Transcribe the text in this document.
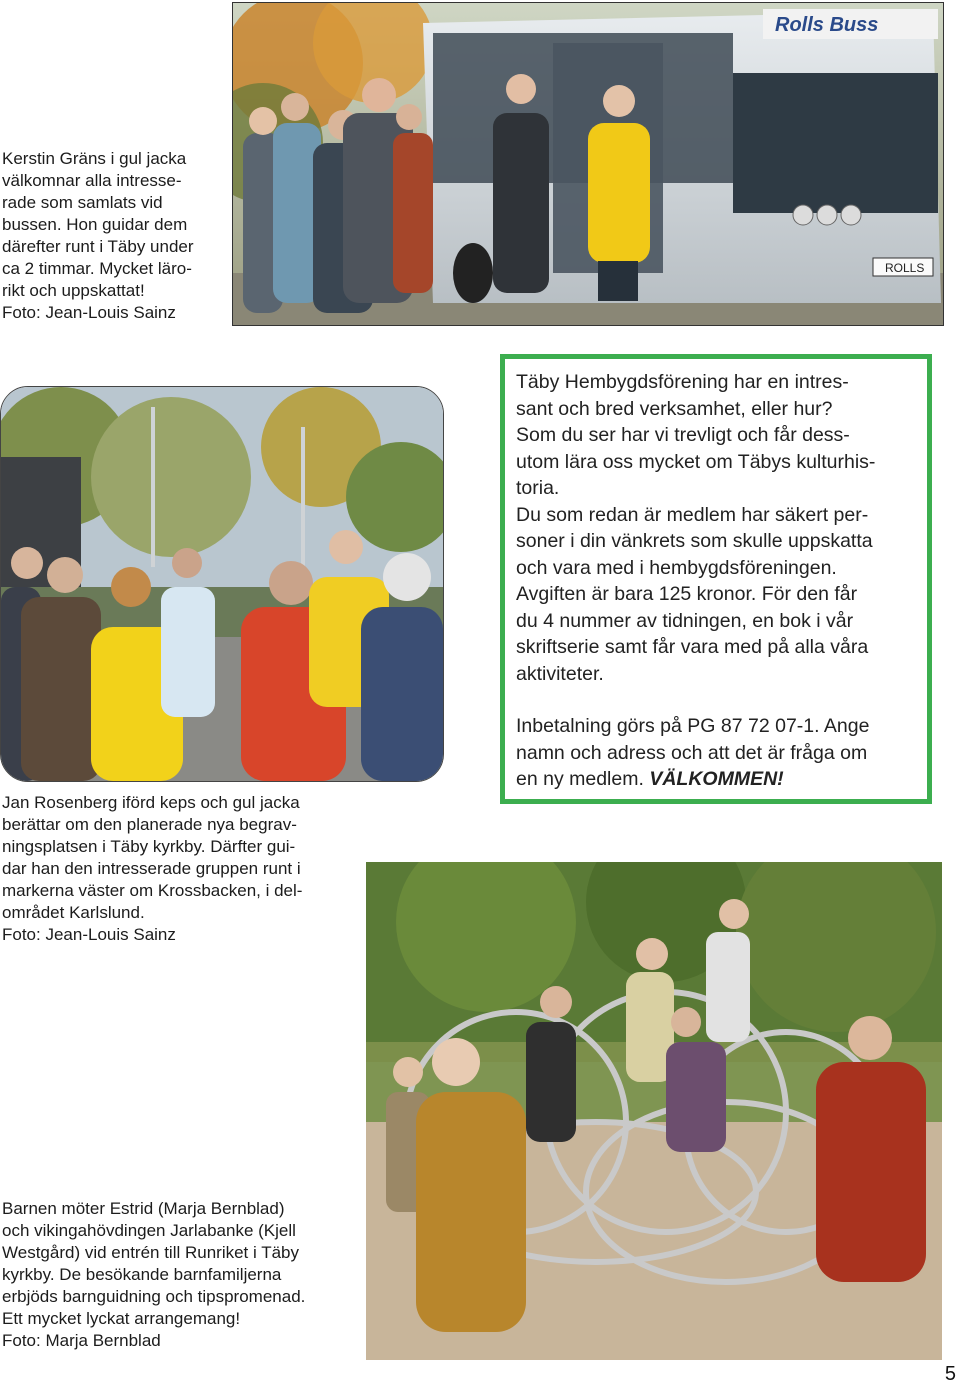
Rolls Buss
ROLLS
Kerstin Gräns i gul jacka
välkomnar alla intresse-
rade som samlats vid
bussen. Hon guidar dem
därefter runt i Täby under
ca 2 timmar. Mycket lärо-
rikt och uppskattat!
Foto: Jean-Louis Sainz
Täby Hembygdsförening har en intres-
sant och bred verksamhet, eller hur?
Som du ser har vi trevligt och får dess-
utom lära oss mycket om Täbys kulturhis-
toria.
Du som redan är medlem har säkert per-
soner i din vänkrets som skulle uppskatta
och vara med i hembygdsföreningen.
Avgiften är bara 125 kronor. För den får
du 4 nummer av tidningen, en bok i vår
skriftserie samt får vara med på alla våra
aktiviteter.
Inbetalning görs på PG 87 72 07-1. Ange
namn och adress och att det är fråga om
en ny medlem. VÄLKOMMEN!
Jan Rosenberg iförd keps och gul jacka
berättar om den planerade nya begrav-
ningsplatsen i Täby kyrkby. Därfter gui-
dar han den intresserade gruppen runt i
markerna väster om Krossbacken, i del-
området Karlslund.
Foto: Jean-Louis Sainz
Barnen möter Estrid (Marja Bernblad)
och vikingahövdingen Jarlabanke (Kjell
Westgård) vid entrén till Runriket i Täby
kyrkby. De besökande barnfamiljerna
erbjöds barnguidning och tipspromenad.
Ett mycket lyckat arrangemang!
Foto: Marja Bernblad
5
